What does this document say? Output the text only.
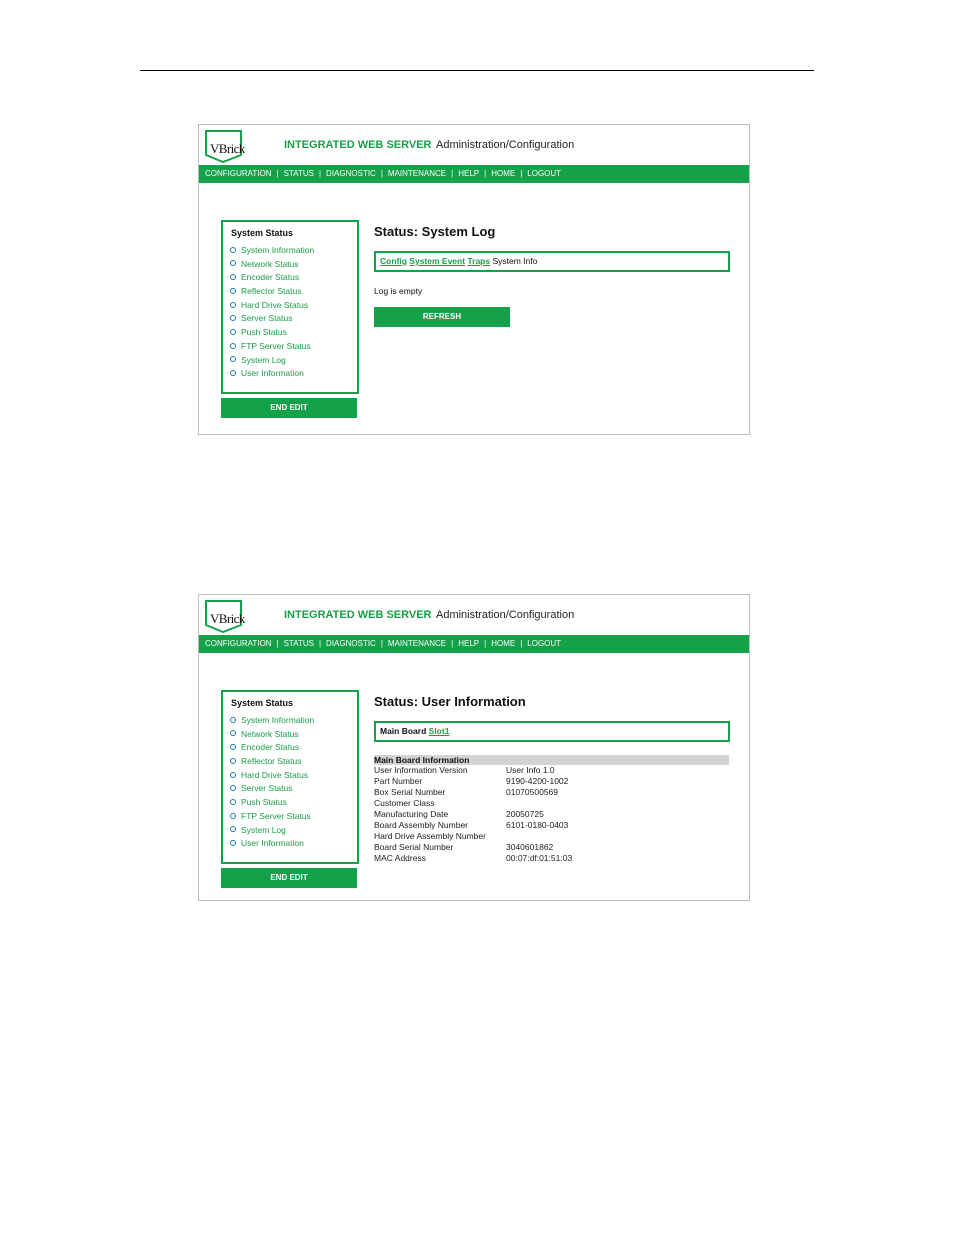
VBrick	INTEGRATED WEB SERVER Administration/Configuration
CONFIGURATION | STATUS | DIAGNOSTIC | MAINTENANCE | HELP | HOME | LOGOUT
System Status
System Information
Network Status
Encoder Status
Reflector Status
Hard Drive Status
Server Status
Push Status
FTP Server Status
System Log
User Information
END EDIT
Status: System Log
Config System Event Traps System Info
Log is empty
REFRESH
VBrick	INTEGRATED WEB SERVER Administration/Configuration
CONFIGURATION | STATUS | DIAGNOSTIC | MAINTENANCE | HELP | HOME | LOGOUT
System Status
System Information
Network Status
Encoder Status
Reflector Status
Hard Drive Status
Server Status
Push Status
FTP Server Status
System Log
User Information
END EDIT
Status: User Information
Main Board Slot1
Main Board Information
User Information Version	User Info 1.0
Part Number	9190-4200-1002
Box Serial Number	01070500569
Customer Class
Manufacturing Date	20050725
Board Assembly Number	6101-0180-0403
Hard Drive Assembly Number
Board Serial Number	3040601862
MAC Address	00:07:df:01:51:03
